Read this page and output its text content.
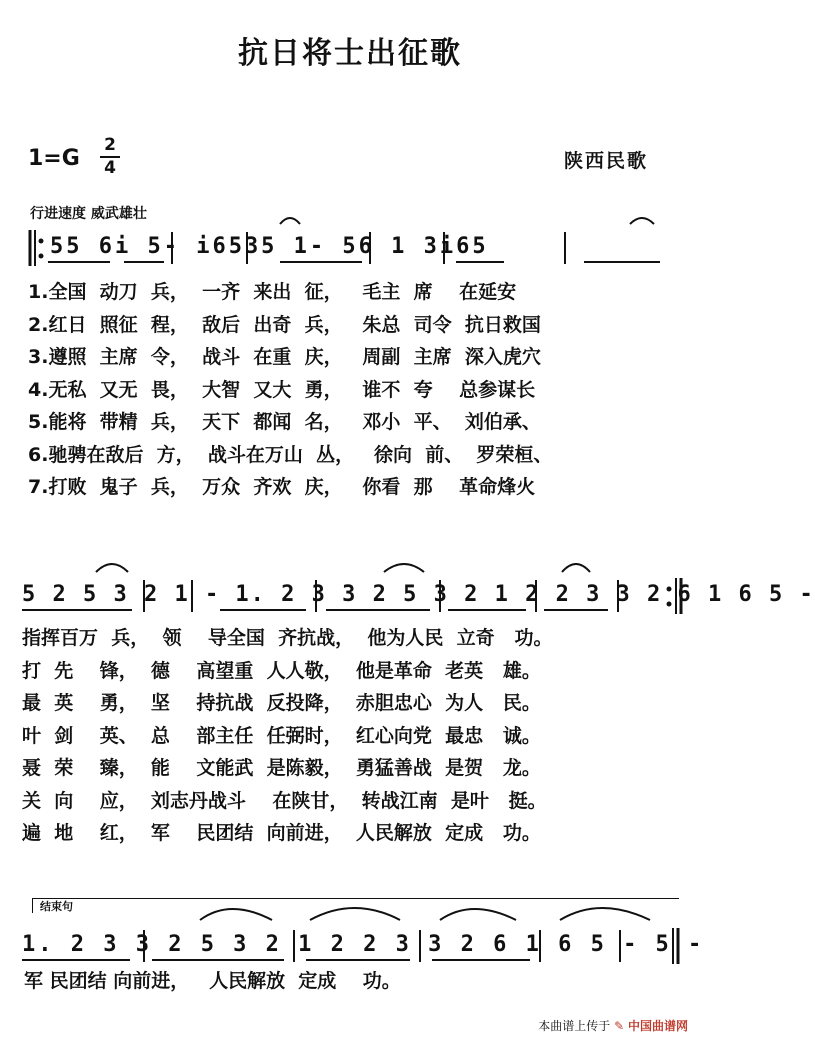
抗日将士出征歌
1=G
2
4	陕西民歌
行进速度 威武雄壮
55 6i 5- i6535 1- 56 1 3i65
1.全国  动刀  兵，  一齐  来出  征，   毛主  席    在延安
2.红日  照征  程，  敌后  出奇  兵，   朱总  司令  抗日救国
3.遵照  主席  令，  战斗  在重  庆，   周副  主席  深入虎穴
4.无私  又无  畏，  大智  又大  勇，   谁不  夸    总参谋长
5.能将  带精  兵，  天下  都闻  名，   邓小  平、  刘伯承、
6.驰骋在敌后  方，  战斗在万山  丛，   徐向  前、  罗荣桓、
7.打败  鬼子  兵，  万众  齐欢  庆，   你看  那    革命烽火
5 2 5 3 2 1 - 1. 2 3 3 2 5 3 2 1 2 2 3 3 2 6 1 6 5 -
指挥百万  兵，  领    导全国  齐抗战，  他为人民  立奇   功。
打  先    锋，  德    高望重  人人敬，  他是革命  老英   雄。
最  英    勇，  坚    持抗战  反投降，  赤胆忠心  为人   民。
叶  剑    英、  总    部主任  任弼时，  红心向党  最忠   诚。
聂  荣    臻，  能    文能武  是陈毅，  勇猛善战  是贺   龙。
关  向    应，  刘志丹战斗    在陕甘，  转战江南  是叶   挺。
遍  地    红，  军    民团结  向前进，  人民解放  定成   功。
结束句
1. 2 3 3 2 5 3 2 1 2 2 3 3 2 6 1 6 5 - 5 -
军 民团结 向前进，   人民解放  定成    功。
本曲谱上传于 ✎ 中国曲谱网
